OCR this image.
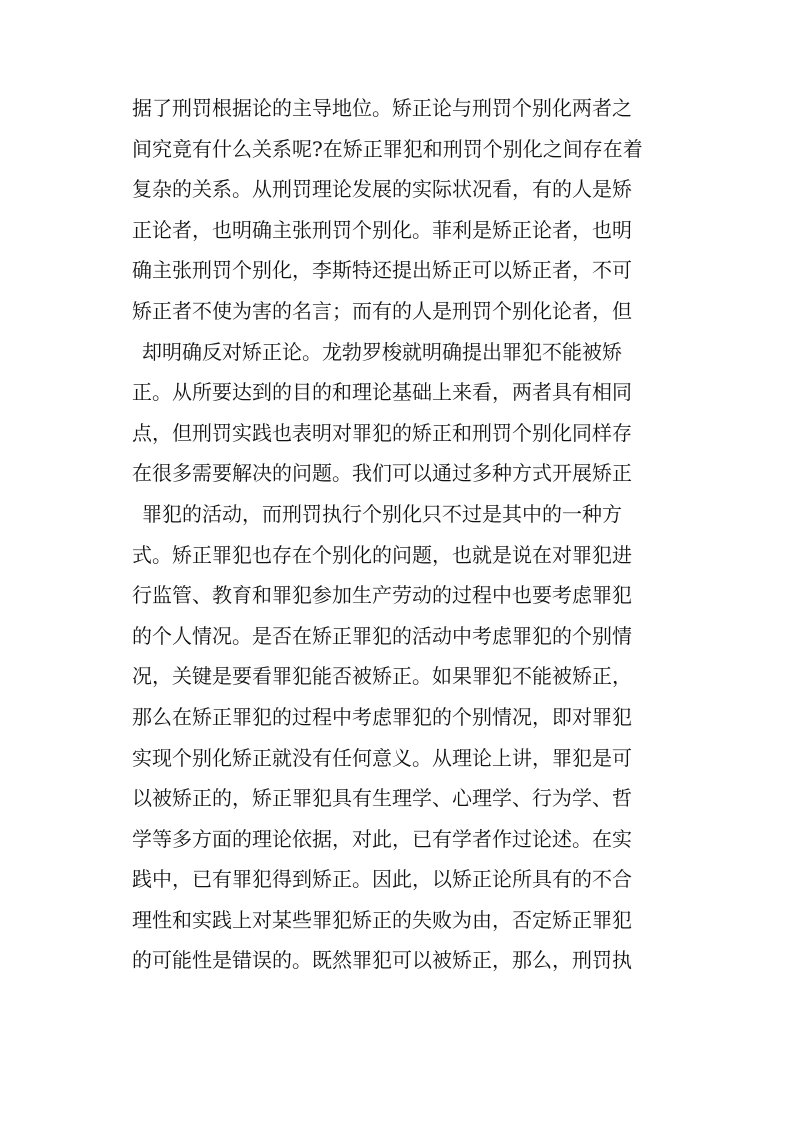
据了刑罚根据论的主导地位。矫正论与刑罚个别化两者之
间究竟有什么关系呢?在矫正罪犯和刑罚个别化之间存在着
复杂的关系。从刑罚理论发展的实际状况看，有的人是矫
正论者，也明确主张刑罚个别化。菲利是矫正论者，也明
确主张刑罚个别化，李斯特还提出矫正可以矫正者，不可
矫正者不使为害的名言；而有的人是刑罚个别化论者，但
却明确反对矫正论。龙勃罗梭就明确提出罪犯不能被矫
正。从所要达到的目的和理论基础上来看，两者具有相同
点，但刑罚实践也表明对罪犯的矫正和刑罚个别化同样存
在很多需要解决的问题。我们可以通过多种方式开展矫正
罪犯的活动，而刑罚执行个别化只不过是其中的一种方
式。矫正罪犯也存在个别化的问题，也就是说在对罪犯进
行监管、教育和罪犯参加生产劳动的过程中也要考虑罪犯
的个人情况。是否在矫正罪犯的活动中考虑罪犯的个别情
况，关键是要看罪犯能否被矫正。如果罪犯不能被矫正，
那么在矫正罪犯的过程中考虑罪犯的个别情况，即对罪犯
实现个别化矫正就没有任何意义。从理论上讲，罪犯是可
以被矫正的，矫正罪犯具有生理学、心理学、行为学、哲
学等多方面的理论依据，对此，已有学者作过论述。在实
践中，已有罪犯得到矫正。因此，以矫正论所具有的不合
理性和实践上对某些罪犯矫正的失败为由，否定矫正罪犯
的可能性是错误的。既然罪犯可以被矫正，那么，刑罚执
